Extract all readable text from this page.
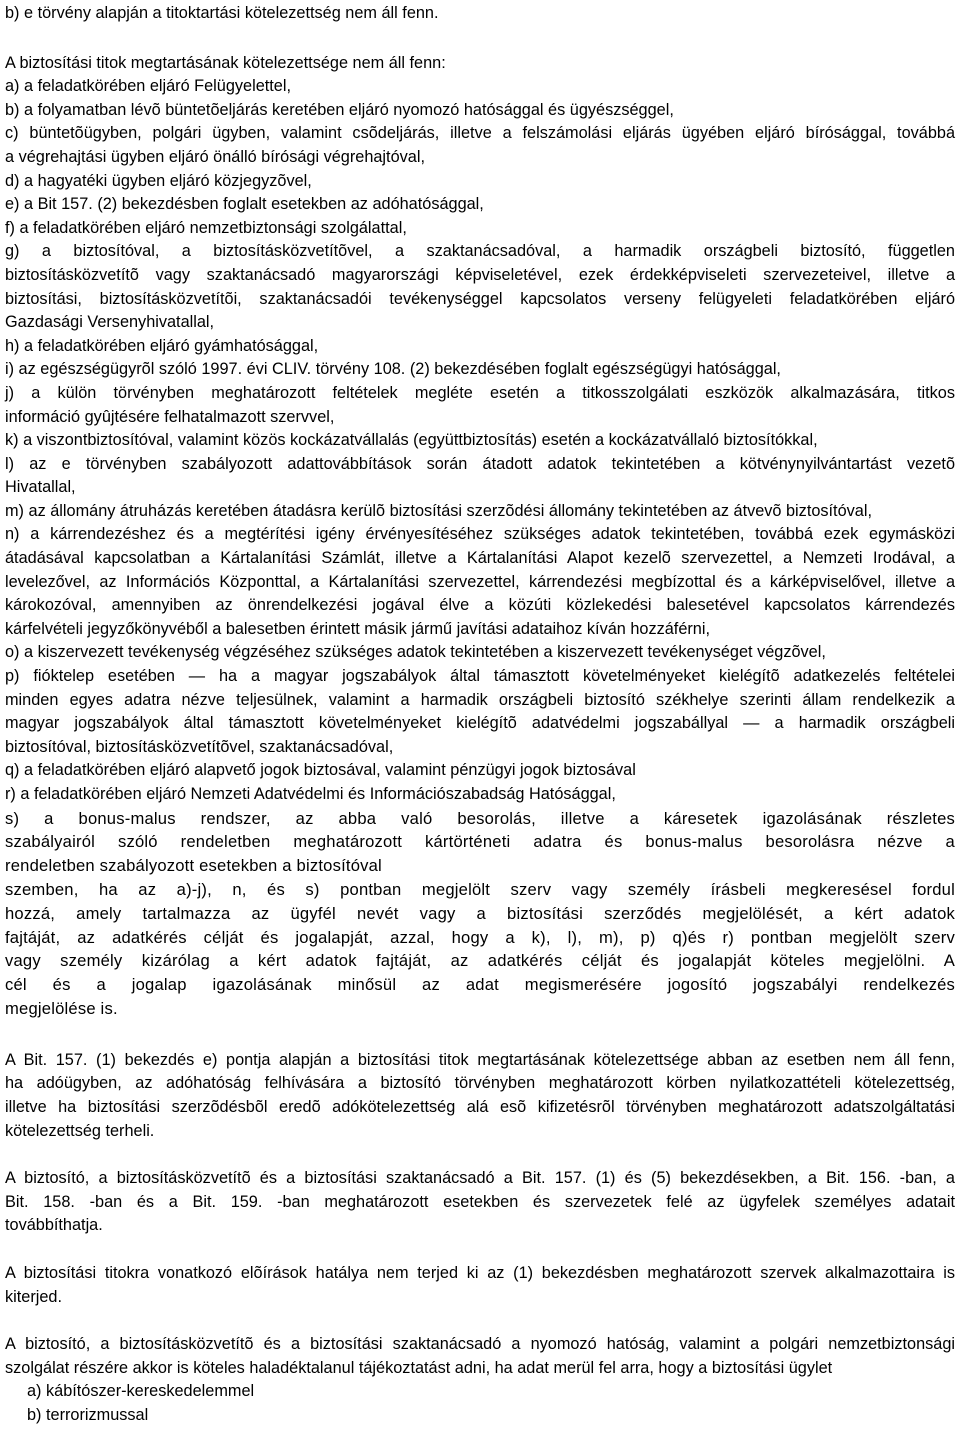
b) e törvény alapján a titoktartási kötelezettség nem áll fenn.
A biztosítási titok megtartásának kötelezettsége nem áll fenn:
a) a feladatkörében eljáró Felügyelettel,
b) a folyamatban lévõ büntetõeljárás keretében eljáró nyomozó hatósággal és ügyészséggel,
c) büntetõügyben, polgári ügyben, valamint csõdeljárás, illetve a felszámolási eljárás ügyében eljáró bírósággal, továbbá
a végrehajtási ügyben eljáró önálló bírósági végrehajtóval,
d) a hagyatéki ügyben eljáró közjegyzõvel,
e) a Bit 157. (2) bekezdésben foglalt esetekben az adóhatósággal,
f) a feladatkörében eljáró nemzetbiztonsági szolgálattal,
g) a biztosítóval, a biztosításközvetítõvel, a szaktanácsadóval, a harmadik országbeli biztosító, független
biztosításközvetítõ vagy szaktanácsadó magyarországi képviseletével, ezek érdekképviseleti szervezeteivel, illetve a
biztosítási, biztosításközvetítõi, szaktanácsadói tevékenységgel kapcsolatos verseny felügyeleti feladatkörében eljáró
Gazdasági Versenyhivatallal,
h) a feladatkörében eljáró gyámhatósággal,
i) az egészségügyrõl szóló 1997. évi CLIV. törvény 108. (2) bekezdésében foglalt egészségügyi hatósággal,
j) a külön törvényben meghatározott feltételek megléte esetén a titkosszolgálati eszközök alkalmazására, titkos
információ gyûjtésére felhatalmazott szervvel,
k) a viszontbiztosítóval, valamint közös kockázatvállalás (együttbiztosítás) esetén a kockázatvállaló biztosítókkal,
l) az e törvényben szabályozott adattovábbítások során átadott adatok tekintetében a kötvénynyilvántartást vezetõ
Hivatallal,
m) az állomány átruházás keretében átadásra kerülõ biztosítási szerzõdési állomány tekintetében az átvevõ biztosítóval,
n) a kárrendezéshez és a megtérítési igény érvényesítéséhez szükséges adatok tekintetében, továbbá ezek egymásközi
átadásával kapcsolatban a Kártalanítási Számlát, illetve a Kártalanítási Alapot kezelõ szervezettel, a Nemzeti Irodával, a
levelezővel, az Információs Központtal, a Kártalanítási szervezettel, kárrendezési megbízottal és a kárképviselővel, illetve a
károkozóval, amennyiben az önrendelkezési jogával élve a közúti közlekedési balesetével kapcsolatos kárrendezés
kárfelvételi jegyzőkönyvéből a balesetben érintett másik jármű javítási adataihoz kíván hozzáférni,
o) a kiszervezett tevékenység végzéséhez szükséges adatok tekintetében a kiszervezett tevékenységet végzõvel,
p) fióktelep esetében — ha a magyar jogszabályok által támasztott követelményeket kielégítõ adatkezelés feltételei
minden egyes adatra nézve teljesülnek, valamint a harmadik országbeli biztosító székhelye szerinti állam rendelkezik a
magyar jogszabályok által támasztott követelményeket kielégítõ adatvédelmi jogszabállyal — a harmadik országbeli
biztosítóval, biztosításközvetítõvel, szaktanácsadóval,
q) a feladatkörében eljáró alapvető jogok biztosával, valamint pénzügyi jogok biztosával
r) a feladatkörében eljáró Nemzeti Adatvédelmi és Információszabadság Hatósággal,
s) a bonus-malus rendszer, az abba való besorolás, illetve a káresetek igazolásának részletes
szabályairól szóló rendeletben meghatározott kártörténeti adatra és bonus-malus besorolásra nézve a
rendeletben szabályozott esetekben a biztosítóval
szemben, ha az a)-j), n, és s) pontban megjelölt szerv vagy személy írásbeli megkeresésel fordul
hozzá, amely tartalmazza az ügyfél nevét vagy a biztosítási szerződés megjelölését, a kért adatok
fajtáját, az adatkérés célját és jogalapját, azzal, hogy a k), l), m), p) q)és r) pontban megjelölt szerv
vagy személy kizárólag a kért adatok fajtáját, az adatkérés célját és jogalapját köteles megjelölni. A
cél és a jogalap igazolásának minősül az adat megismerésére jogosító jogszabályi rendelkezés
megjelölése is.
A Bit. 157. (1) bekezdés e) pontja alapján a biztosítási titok megtartásának kötelezettsége abban az esetben nem áll fenn,
ha adóügyben, az adóhatóság felhívására a biztosító törvényben meghatározott körben nyilatkozattételi kötelezettség,
illetve ha biztosítási szerzõdésbõl eredõ adókötelezettség alá esõ kifizetésrõl törvényben meghatározott adatszolgáltatási
kötelezettség terheli.
A biztosító, a biztosításközvetítõ és a biztosítási szaktanácsadó a Bit. 157. (1) és (5) bekezdésekben, a Bit. 156. -ban, a
Bit. 158. -ban és a Bit. 159. -ban meghatározott esetekben és szervezetek felé az ügyfelek személyes adatait
továbbíthatja.
A biztosítási titokra vonatkozó elõírások hatálya nem terjed ki az (1) bekezdésben meghatározott szervek alkalmazottaira is
kiterjed.
A biztosító, a biztosításközvetítõ és a biztosítási szaktanácsadó a nyomozó hatóság, valamint a polgári nemzetbiztonsági
szolgálat részére akkor is köteles haladéktalanul tájékoztatást adni, ha adat merül fel arra, hogy a biztosítási ügylet
a) kábítószer-kereskedelemmel
b) terrorizmussal
